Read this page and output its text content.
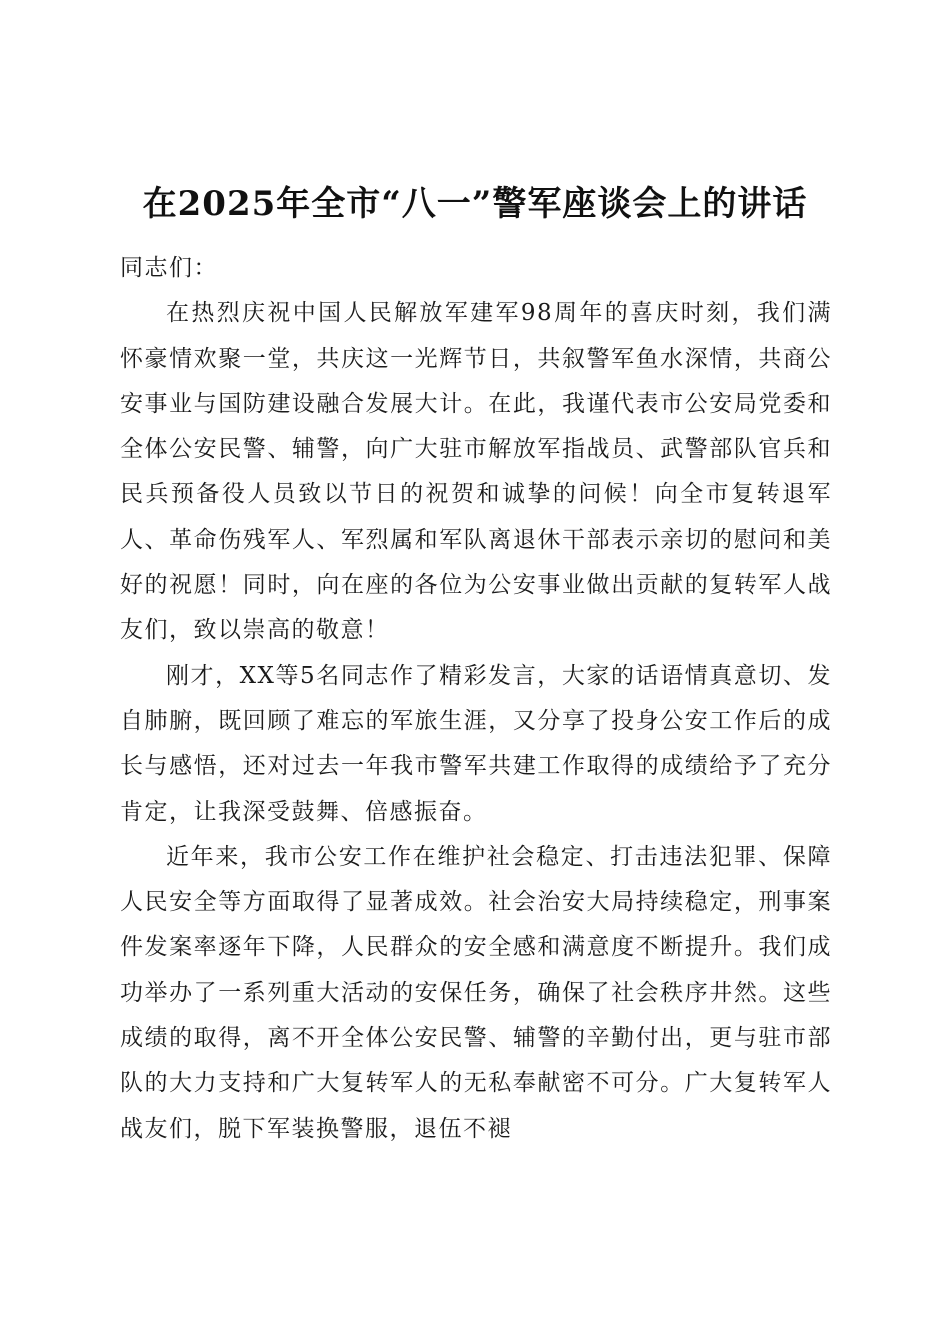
在2025年全市“八一”警军座谈会上的讲话

同志们：

在热烈庆祝中国人民解放军建军98周年的喜庆时刻，我们满怀豪情欢聚一堂，共庆这一光辉节日，共叙警军鱼水深情，共商公安事业与国防建设融合发展大计。在此，我谨代表市公安局党委和全体公安民警、辅警，向广大驻市解放军指战员、武警部队官兵和民兵预备役人员致以节日的祝贺和诚挚的问候！向全市复转退军人、革命伤残军人、军烈属和军队离退休干部表示亲切的慰问和美好的祝愿！同时，向在座的各位为公安事业做出贡献的复转军人战友们，致以崇高的敬意！

刚才，XX等5名同志作了精彩发言，大家的话语情真意切、发自肺腑，既回顾了难忘的军旅生涯，又分享了投身公安工作后的成长与感悟，还对过去一年我市警军共建工作取得的成绩给予了充分肯定，让我深受鼓舞、倍感振奋。

近年来，我市公安工作在维护社会稳定、打击违法犯罪、保障人民安全等方面取得了显著成效。社会治安大局持续稳定，刑事案件发案率逐年下降，人民群众的安全感和满意度不断提升。我们成功举办了一系列重大活动的安保任务，确保了社会秩序井然。这些成绩的取得，离不开全体公安民警、辅警的辛勤付出，更与驻市部队的大力支持和广大复转军人的无私奉献密不可分。广大复转军人战友们，脱下军装换警服，退伍不褪
